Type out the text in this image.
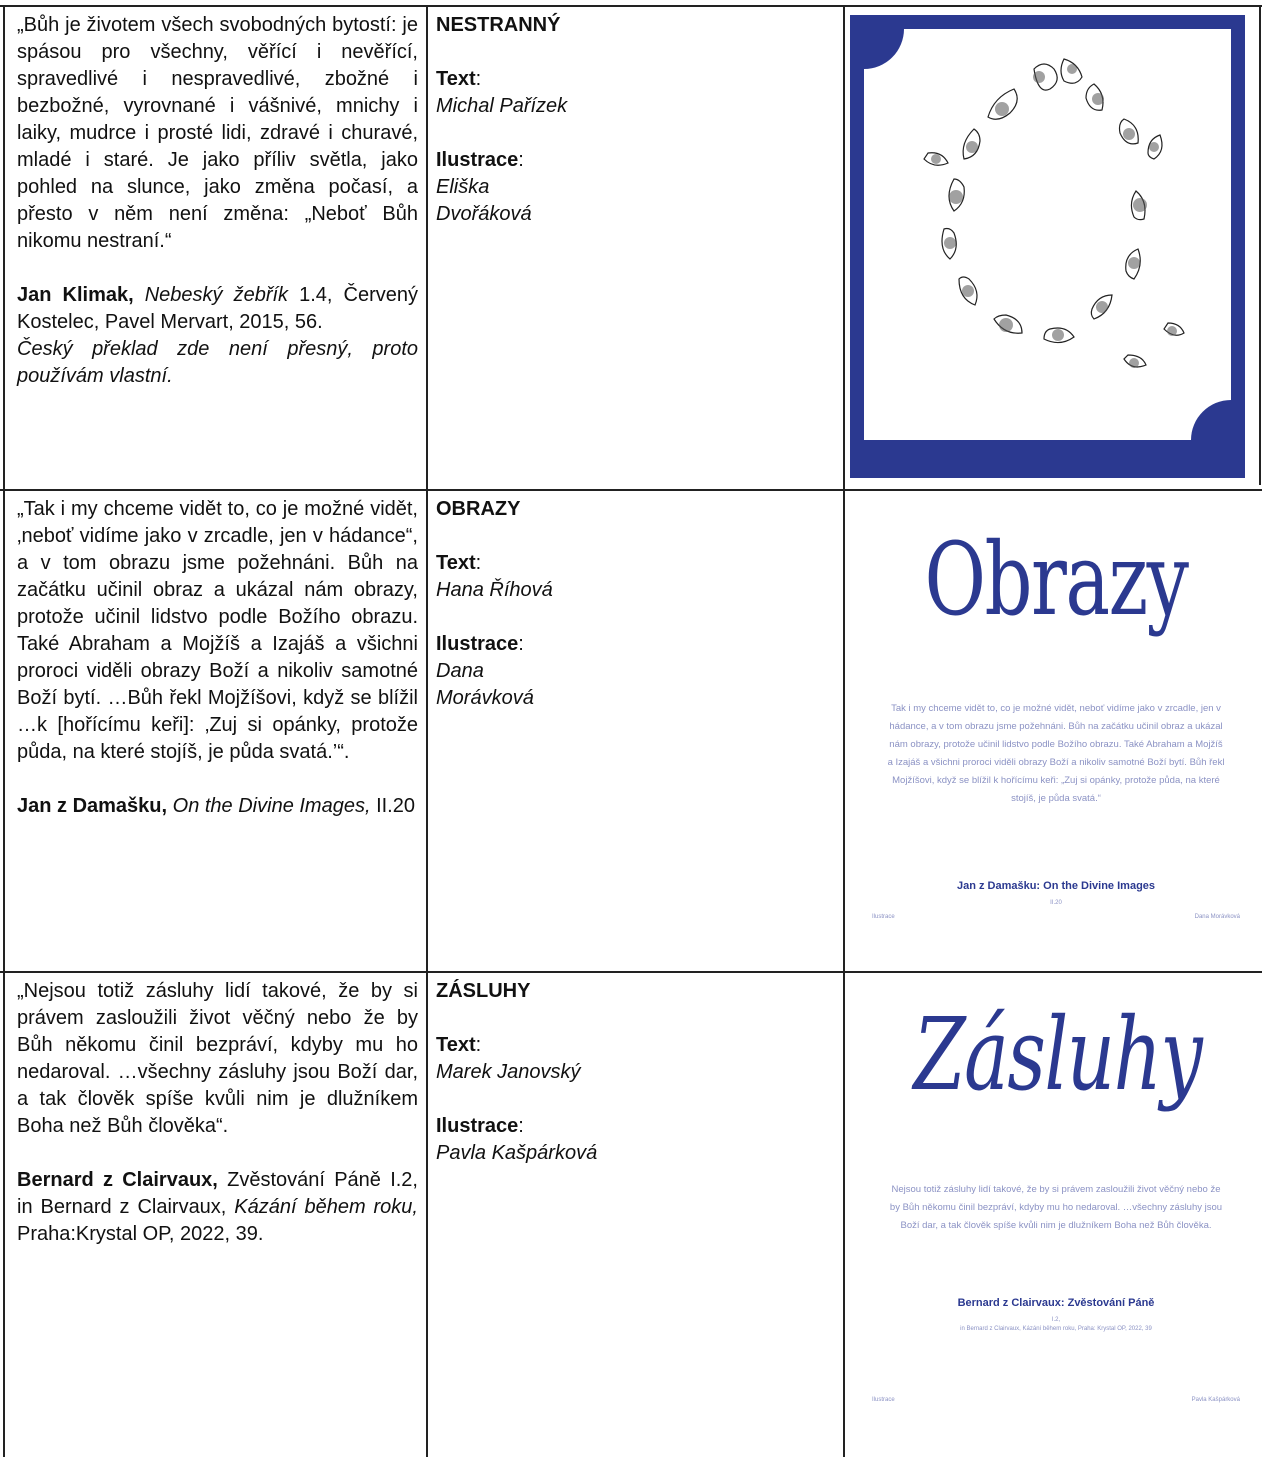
„Bůh je životem všech svobodných bytostí: je spásou pro všechny, věřící i nevěřící, spravedlivé i nespravedlivé, zbožné i bezbožné, vyrovnané i vášnivé, mnichy i laiky, mudrce i prosté lidi, zdravé i churavé, mladé i staré. Je jako příliv světla, jako pohled na slunce, jako změna počasí, a přesto v něm není změna: „Neboť Bůh nikomu nestraní.“

Jan Klimak, Nebeský žebřík 1.4, Červený Kostelec, Pavel Mervart, 2015, 56.

Český překlad zde není přesný, proto používám vlastní.

NESTRANNÝ
Text:
Michal Pařízek
Ilustrace:
Eliška Dvořáková

„Tak i my chceme vidět to, co je možné vidět, ‚neboť vidíme jako v zrcadle, jen v hádance“, a v tom obrazu jsme požehnáni. Bůh na začátku učinil obraz a ukázal nám obrazy, protože učinil lidstvo podle Božího obrazu. Také Abraham a Mojžíš a Izajáš a všichni proroci viděli obrazy Boží a nikoliv samotné Boží bytí. …Bůh řekl Mojžíšovi, když se blížil …k [hořícímu keři]: ‚Zuj si opánky, protože půda, na které stojíš, je půda svatá.’“.

Jan z Damašku, On the Divine Images, II.20

OBRAZY
Text:
Hana Říhová
Ilustrace:
Dana Morávková
Obrazy
Tak i my chceme vidět to, co je možné vidět, neboť vidíme jako v zrcadle, jen v hádance, a v tom obrazu jsme požehnáni. Bůh na začátku učinil obraz a ukázal nám obrazy, protože učinil lidstvo podle Božího obrazu. Také Abraham a Mojžíš a Izajáš a všichni proroci viděli obrazy Boží a nikoliv samotné Boží bytí. Bůh řekl Mojžíšovi, když se blížil k hořícímu keři: „Zuj si opánky, protože půda, na které stojíš, je půda svatá.“
Jan z Damašku: On the Divine Images
II.20
Ilustrace	Dana Morávková

„Nejsou totiž zásluhy lidí takové, že by si právem zasloužili život věčný nebo že by Bůh někomu činil bezpráví, kdyby mu ho nedaroval. …všechny zásluhy jsou Boží dar, a tak člověk spíše kvůli nim je dlužníkem Boha než Bůh člověka“.

Bernard z Clairvaux, Zvěstování Páně I.2, in Bernard z Clairvaux, Kázání během roku, Praha:Krystal OP, 2022, 39.

ZÁSLUHY
Text:
Marek Janovský
Ilustrace:
Pavla Kašpárková
Zásluhy
Nejsou totiž zásluhy lidí takové, že by si právem zasloužili život věčný nebo že by Bůh někomu činil bezpráví, kdyby mu ho nedaroval. …všechny zásluhy jsou Boží dar, a tak člověk spíše kvůli nim je dlužníkem Boha než Bůh člověka.
Bernard z Clairvaux: Zvěstování Páně
I.2,
in Bernard z Clairvaux, Kázání během roku, Praha: Krystal OP, 2022, 39
Ilustrace	Pavla Kašpárková
